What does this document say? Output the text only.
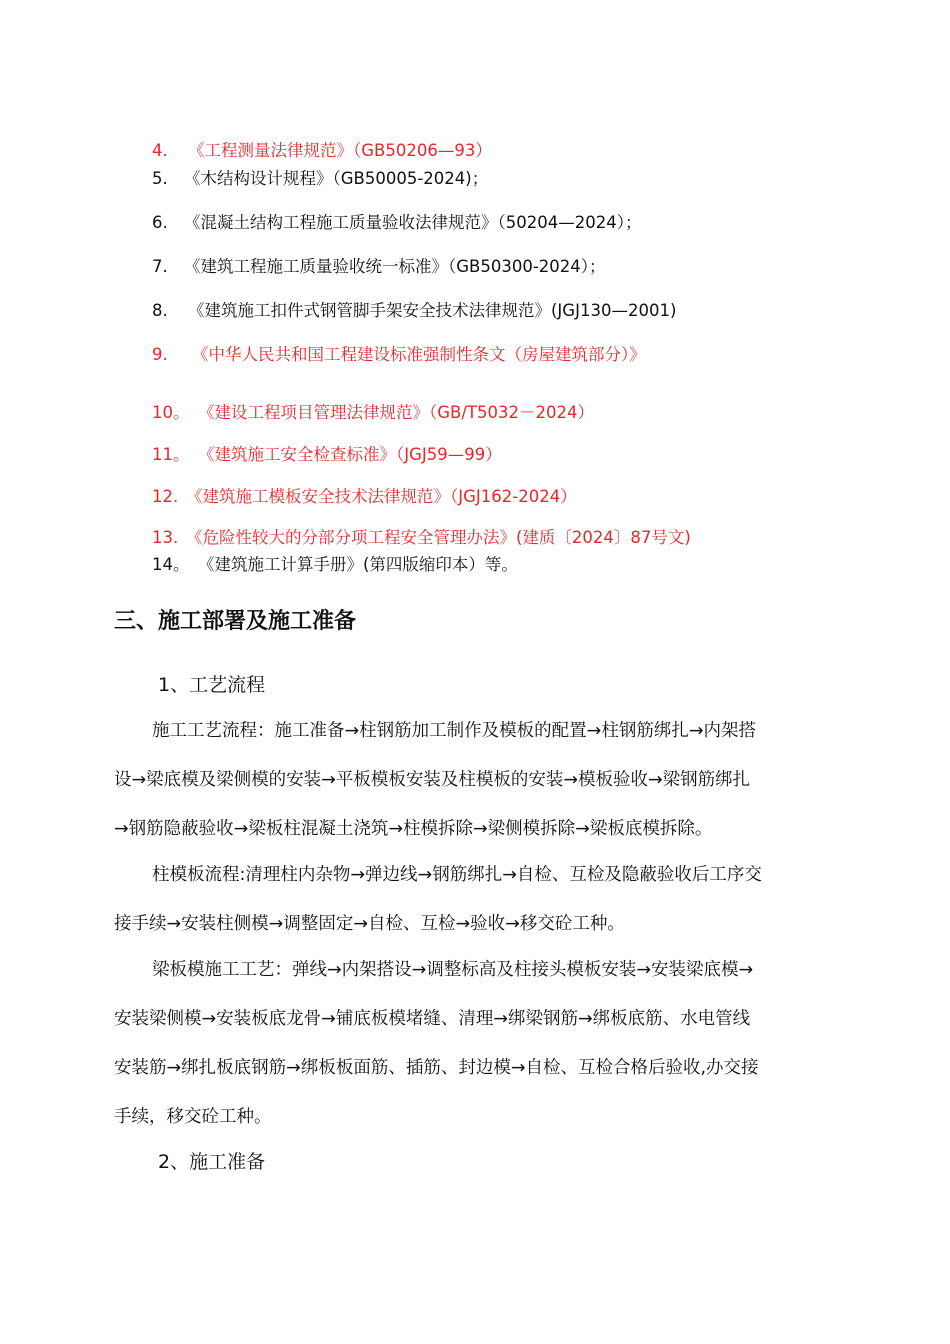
4. 《工程测量法律规范》（GB50206—93）
5. 《木结构设计规程》（GB50005-2024)；
6. 《混凝土结构工程施工质量验收法律规范》（50204—2024）；
7. 《建筑工程施工质量验收统一标准》（GB50300-2024）；
8. 《建筑施工扣件式钢管脚手架安全技术法律规范》(JGJ130—2001)
9. 《中华人民共和国工程建设标准强制性条文（房屋建筑部分）》
10。 《建设工程项目管理法律规范》（GB/T5032－2024）
11。 《建筑施工安全检查标准》（JGJ59—99）
12. 《建筑施工模板安全技术法律规范》（JGJ162-2024）
13. 《危险性较大的分部分项工程安全管理办法》(建质〔2024〕87号文)
14。 《建筑施工计算手册》(第四版缩印本）等。
三、施工部署及施工准备
1、工艺流程
施工工艺流程：施工准备→柱钢筋加工制作及模板的配置→柱钢筋绑扎→内架搭
设→梁底模及梁侧模的安装→平板模板安装及柱模板的安装→模板验收→梁钢筋绑扎
→钢筋隐蔽验收→梁板柱混凝土浇筑→柱模拆除→梁侧模拆除→梁板底模拆除。
柱模板流程:清理柱内杂物→弹边线→钢筋绑扎→自检、互检及隐蔽验收后工序交
接手续→安装柱侧模→调整固定→自检、互检→验收→移交砼工种。
梁板模施工工艺：弹线→内架搭设→调整标高及柱接头模板安装→安装梁底模→
安装梁侧模→安装板底龙骨→铺底板模堵缝、清理→绑梁钢筋→绑板底筋、水电管线
安装筋→绑扎板底钢筋→绑板板面筋、插筋、封边模→自检、互检合格后验收,办交接
手续，移交砼工种。
2、施工准备
